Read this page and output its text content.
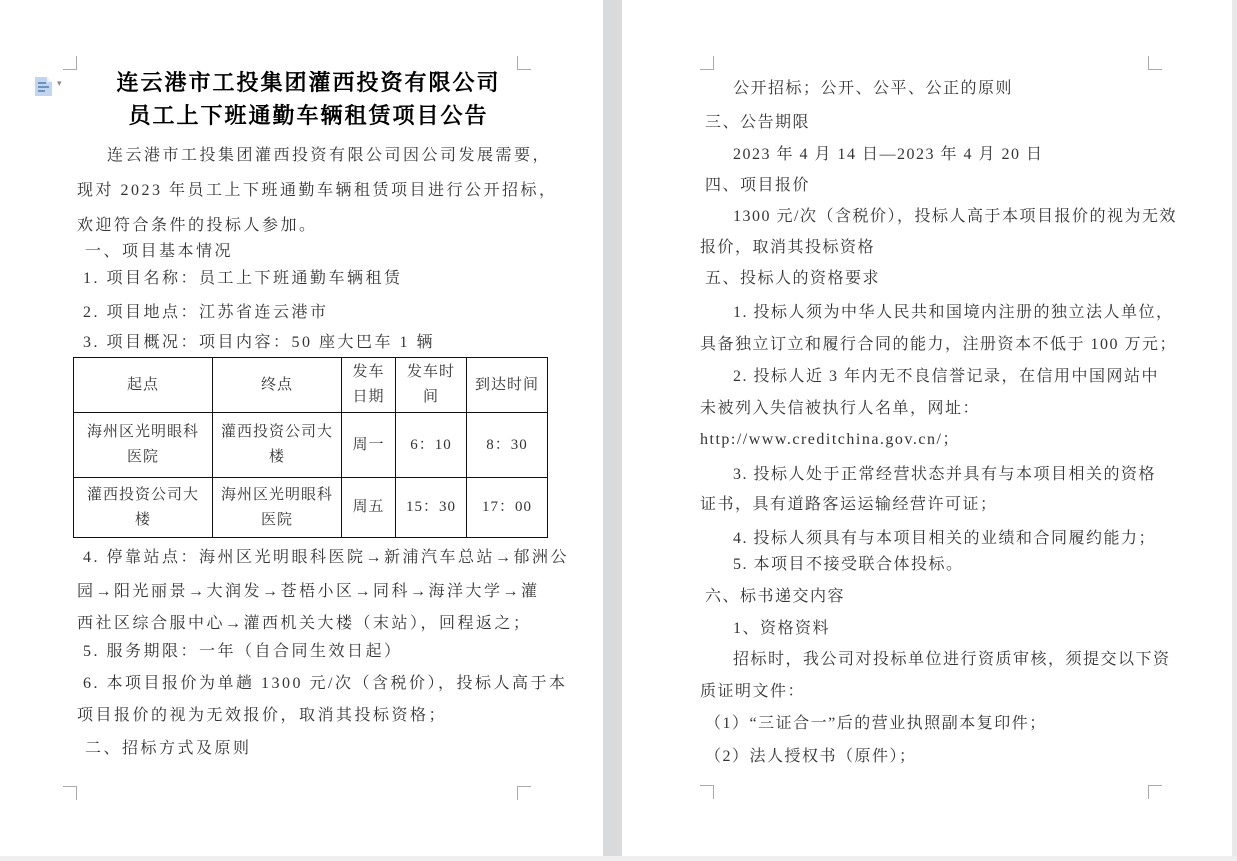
▾	连云港市工投集团灌西投资有限公司
员工上下班通勤车辆租赁项目公告
连云港市工投集团灌西投资有限公司因公司发展需要，
现对 2023 年员工上下班通勤车辆租赁项目进行公开招标，
欢迎符合条件的投标人参加。
一、项目基本情况
1. 项目名称：员工上下班通勤车辆租赁
2. 项目地点：江苏省连云港市
3. 项目概况：项目内容：50 座大巴车 1 辆
起点	终点	发车日期	发车时间	到达时间
海州区光明眼科医院	灌西投资公司大楼	周一	6：10	8：30
灌西投资公司大楼	海州区光明眼科医院	周五	15：30	17：00
4. 停靠站点：海州区光明眼科医院→新浦汽车总站→郁洲公
园→阳光丽景→大润发→苍梧小区→同科→海洋大学→灌
西社区综合服中心→灌西机关大楼（末站），回程返之；
5. 服务期限：一年（自合同生效日起）
6. 本项目报价为单趟 1300 元/次（含税价），投标人高于本
项目报价的视为无效报价，取消其投标资格；
二、招标方式及原则
公开招标；公开、公平、公正的原则
三、公告期限
2023 年 4 月 14 日—2023 年 4 月 20 日
四、项目报价
1300 元/次（含税价），投标人高于本项目报价的视为无效
报价，取消其投标资格
五、投标人的资格要求
1. 投标人须为中华人民共和国境内注册的独立法人单位，
具备独立订立和履行合同的能力，注册资本不低于 100 万元；
2. 投标人近 3 年内无不良信誉记录，在信用中国网站中
未被列入失信被执行人名单，网址：
http://www.creditchina.gov.cn/；
3. 投标人处于正常经营状态并具有与本项目相关的资格
证书，具有道路客运运输经营许可证；
4. 投标人须具有与本项目相关的业绩和合同履约能力；
5. 本项目不接受联合体投标。
六、标书递交内容
1、资格资料
招标时，我公司对投标单位进行资质审核，须提交以下资
质证明文件：
（1）“三证合一”后的营业执照副本复印件；
（2）法人授权书（原件）；
